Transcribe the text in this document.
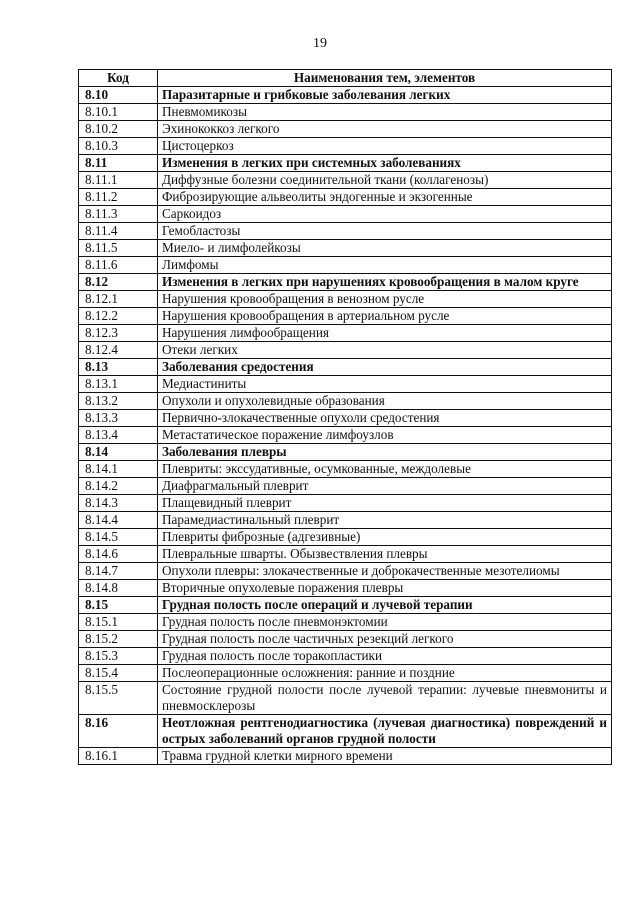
19
Код	Наименования тем, элементов
8.10	Паразитарные и грибковые заболевания легких
8.10.1	Пневмомикозы
8.10.2	Эхинококкоз легкого
8.10.3	Цистоцеркоз
8.11	Изменения в легких при системных заболеваниях
8.11.1	Диффузные болезни соединительной ткани (коллагенозы)
8.11.2	Фиброзирующие альвеолиты эндогенные и экзогенные
8.11.3	Саркоидоз
8.11.4	Гемобластозы
8.11.5	Миело- и лимфолейкозы
8.11.6	Лимфомы
8.12	Изменения в легких при нарушениях кровообращения в малом круге
8.12.1	Нарушения кровообращения в венозном русле
8.12.2	Нарушения кровообращения в артериальном русле
8.12.3	Нарушения лимфообращения
8.12.4	Отеки легких
8.13	Заболевания средостения
8.13.1	Медиастиниты
8.13.2	Опухоли и опухолевидные образования
8.13.3	Первично-злокачественные опухоли средостения
8.13.4	Метастатическое поражение лимфоузлов
8.14	Заболевания плевры
8.14.1	Плевриты: экссудативные, осумкованные, междолевые
8.14.2	Диафрагмальный плеврит
8.14.3	Плащевидный плеврит
8.14.4	Парамедиастинальный плеврит
8.14.5	Плевриты фиброзные (адгезивные)
8.14.6	Плевральные шварты. Обызвествления плевры
8.14.7	Опухоли плевры: злокачественные и доброкачественные мезотелиомы
8.14.8	Вторичные опухолевые поражения плевры
8.15	Грудная полость после операций и лучевой терапии
8.15.1	Грудная полость после пневмонэктомии
8.15.2	Грудная полость после частичных резекций легкого
8.15.3	Грудная полость после торакопластики
8.15.4	Послеоперационные осложнения: ранние и поздние
8.15.5	Состояние грудной полости после лучевой терапии: лучевые пневмониты и пневмосклерозы
8.16	Неотложная рентгенодиагностика (лучевая диагностика) повреждений и острых заболеваний органов грудной полости
8.16.1	Травма грудной клетки мирного времени
